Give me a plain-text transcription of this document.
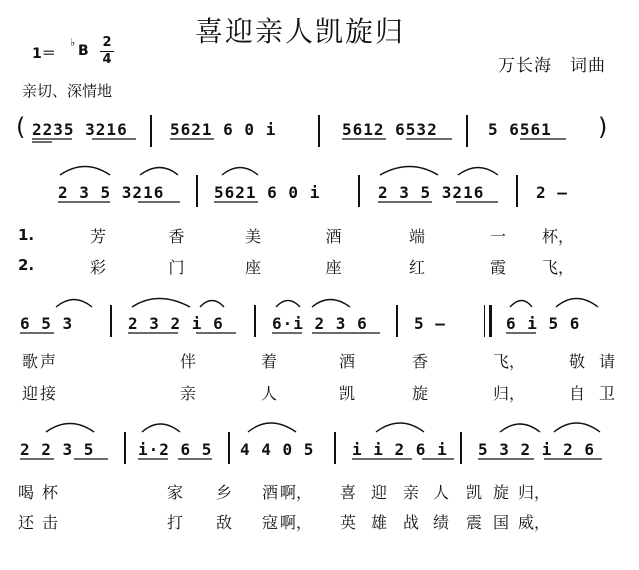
喜迎亲人凯旋归
1＝
♭
B
2
4	万长海　词曲
亲切、深情地
( 2235 3216	5621 6 0 i	5612 6532	5 6561 )
2 3 5 3216	5621 6 0 i	2 3 5 3216	2 –
1.
2.
芳	香	美	酒	端	一 杯，
彩	门	座	座	红	霞 飞，
6 5 3	2 3 2 i 6	6·i 2 3 6	5 –	6 i 5 6
歌 声	伴	着	酒	香	飞，	敬 请
迎 接	亲	人	凯	旋	归，	自 卫
2 2 3 5	i·2 6 5 4 4 0 5 i i 2 6 i 5 3 2 i 2 6
喝 杯	家 乡 酒 啊， 喜 迎 亲 人 凯 旋 归，
还 击	打 敌 寇 啊， 英 雄 战 绩 震 国 威，
